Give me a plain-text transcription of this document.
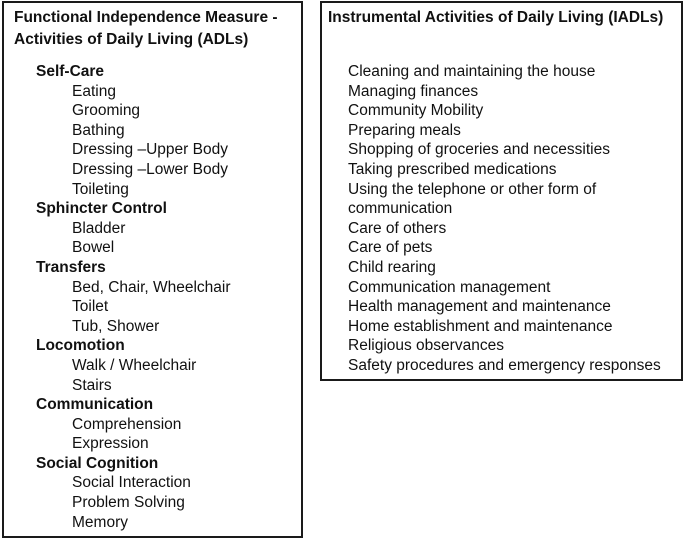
Functional Independence Measure - Activities of Daily Living (ADLs)
Self-Care
Eating
Grooming
Bathing
Dressing –Upper Body
Dressing –Lower Body
Toileting
Sphincter Control
Bladder
Bowel
Transfers
Bed, Chair, Wheelchair
Toilet
Tub, Shower
Locomotion
Walk / Wheelchair
Stairs
Communication
Comprehension
Expression
Social Cognition
Social Interaction
Problem Solving
Memory
Instrumental Activities of Daily Living (IADLs)
Cleaning and maintaining the house
Managing finances
Community Mobility
Preparing meals
Shopping of groceries and necessities
Taking prescribed medications
Using the telephone or other form of communication
Care of others
Care of pets
Child rearing
Communication management
Health management and maintenance
Home establishment and maintenance
Religious observances
Safety procedures and emergency responses
